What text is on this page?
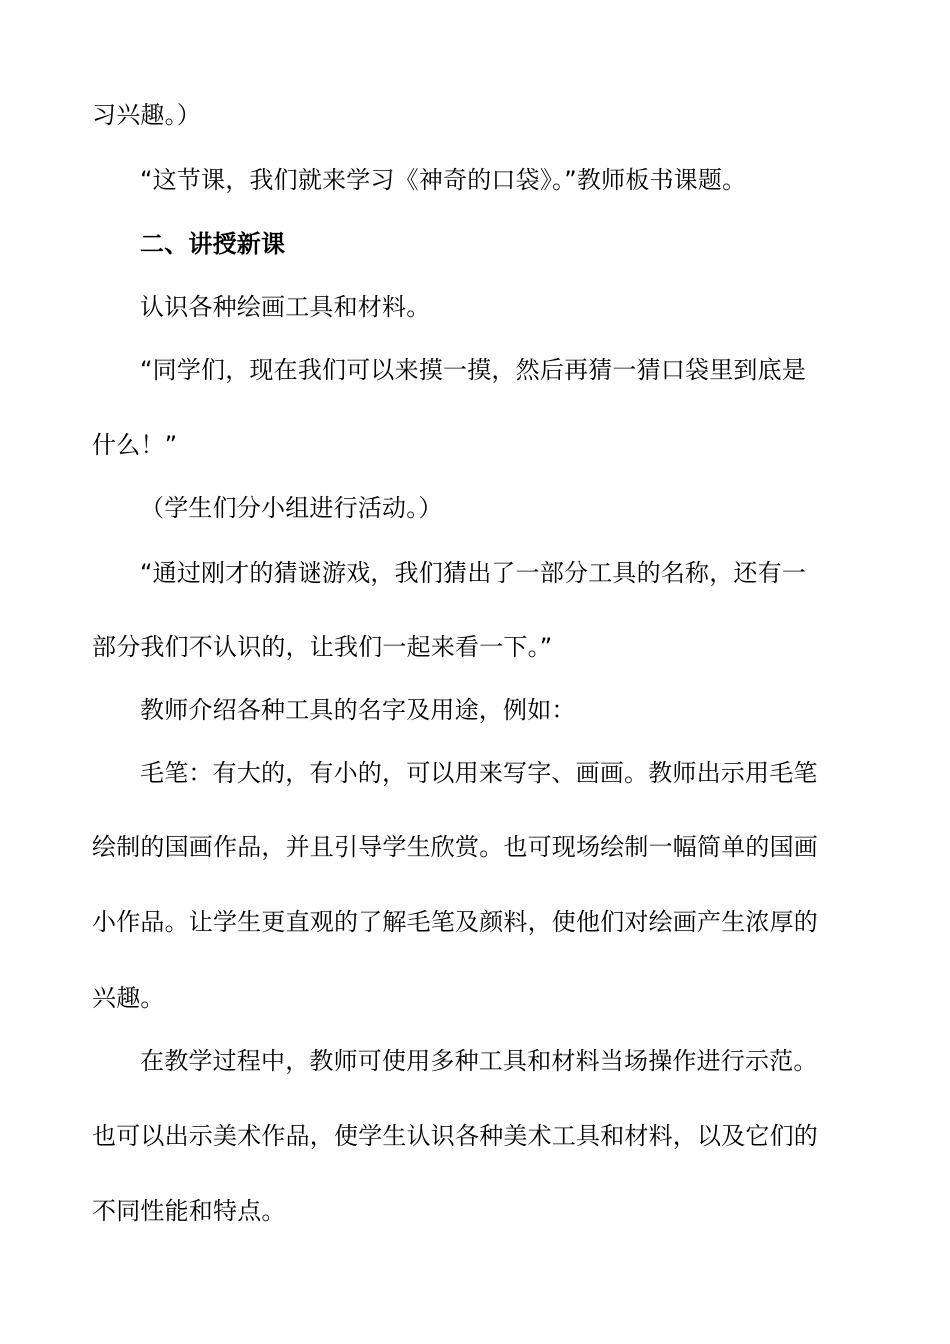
习兴趣。）
“这节课，我们就来学习《神奇的口袋》。”教师板书课题。
二、讲授新课
认识各种绘画工具和材料。
“同学们，现在我们可以来摸一摸，然后再猜一猜口袋里到底是
什么！”
（学生们分小组进行活动。）
“通过刚才的猜谜游戏，我们猜出了一部分工具的名称，还有一
部分我们不认识的，让我们一起来看一下。”
教师介绍各种工具的名字及用途，例如：
毛笔：有大的，有小的，可以用来写字、画画。教师出示用毛笔
绘制的国画作品，并且引导学生欣赏。也可现场绘制一幅简单的国画
小作品。让学生更直观的了解毛笔及颜料，使他们对绘画产生浓厚的
兴趣。
在教学过程中，教师可使用多种工具和材料当场操作进行示范。
也可以出示美术作品，使学生认识各种美术工具和材料，以及它们的
不同性能和特点。
